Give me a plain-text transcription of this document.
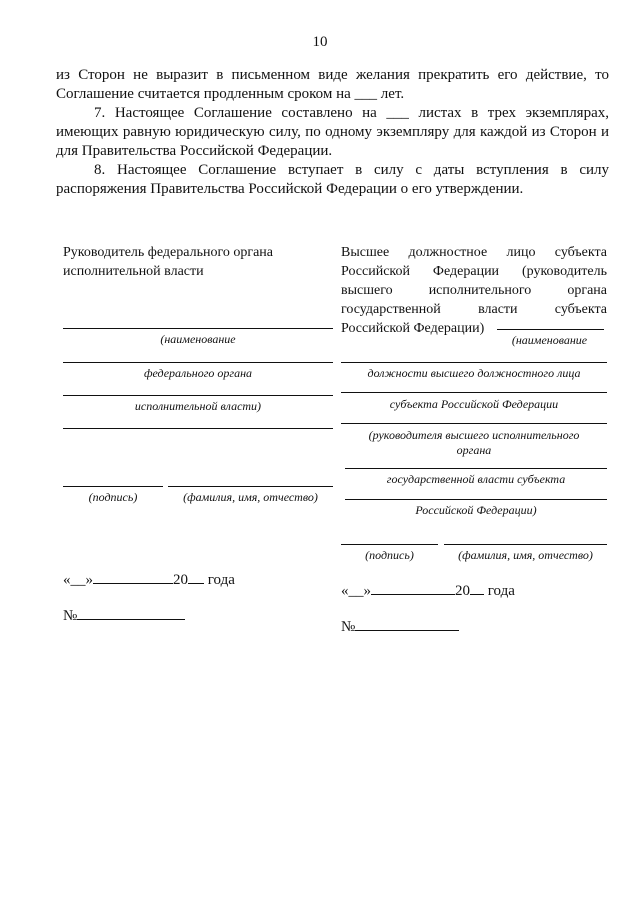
10

из Сторон не выразит в письменном виде желания прекратить его действие, то Соглашение считается продленным сроком на ___ лет.

7. Настоящее Соглашение составлено на ___ листах в трех экземплярах, имеющих равную юридическую силу, по одному экземпляру для каждой из Сторон и для Правительства Российской Федерации.

8. Настоящее Соглашение вступает в силу с даты вступления в силу распоряжения Правительства Российской Федерации о его утверждении.

Руководитель федерального органа исполнительной власти

(наименование
федерального органа
исполнительной власти)
(подпись)	(фамилия, имя, отчество)
«__»	20 года
№

Высшее должностное лицо субъекта Российской Федерации (руководитель высшего исполнительного органа государственной власти субъекта Российской Федерации)

(наименование
должности высшего должностного лица
субъекта Российской Федерации
(руководителя высшего исполнительного
органа
государственной власти субъекта
Российской Федерации)
(подпись)	(фамилия, имя, отчество)
«__»	20 года
№
